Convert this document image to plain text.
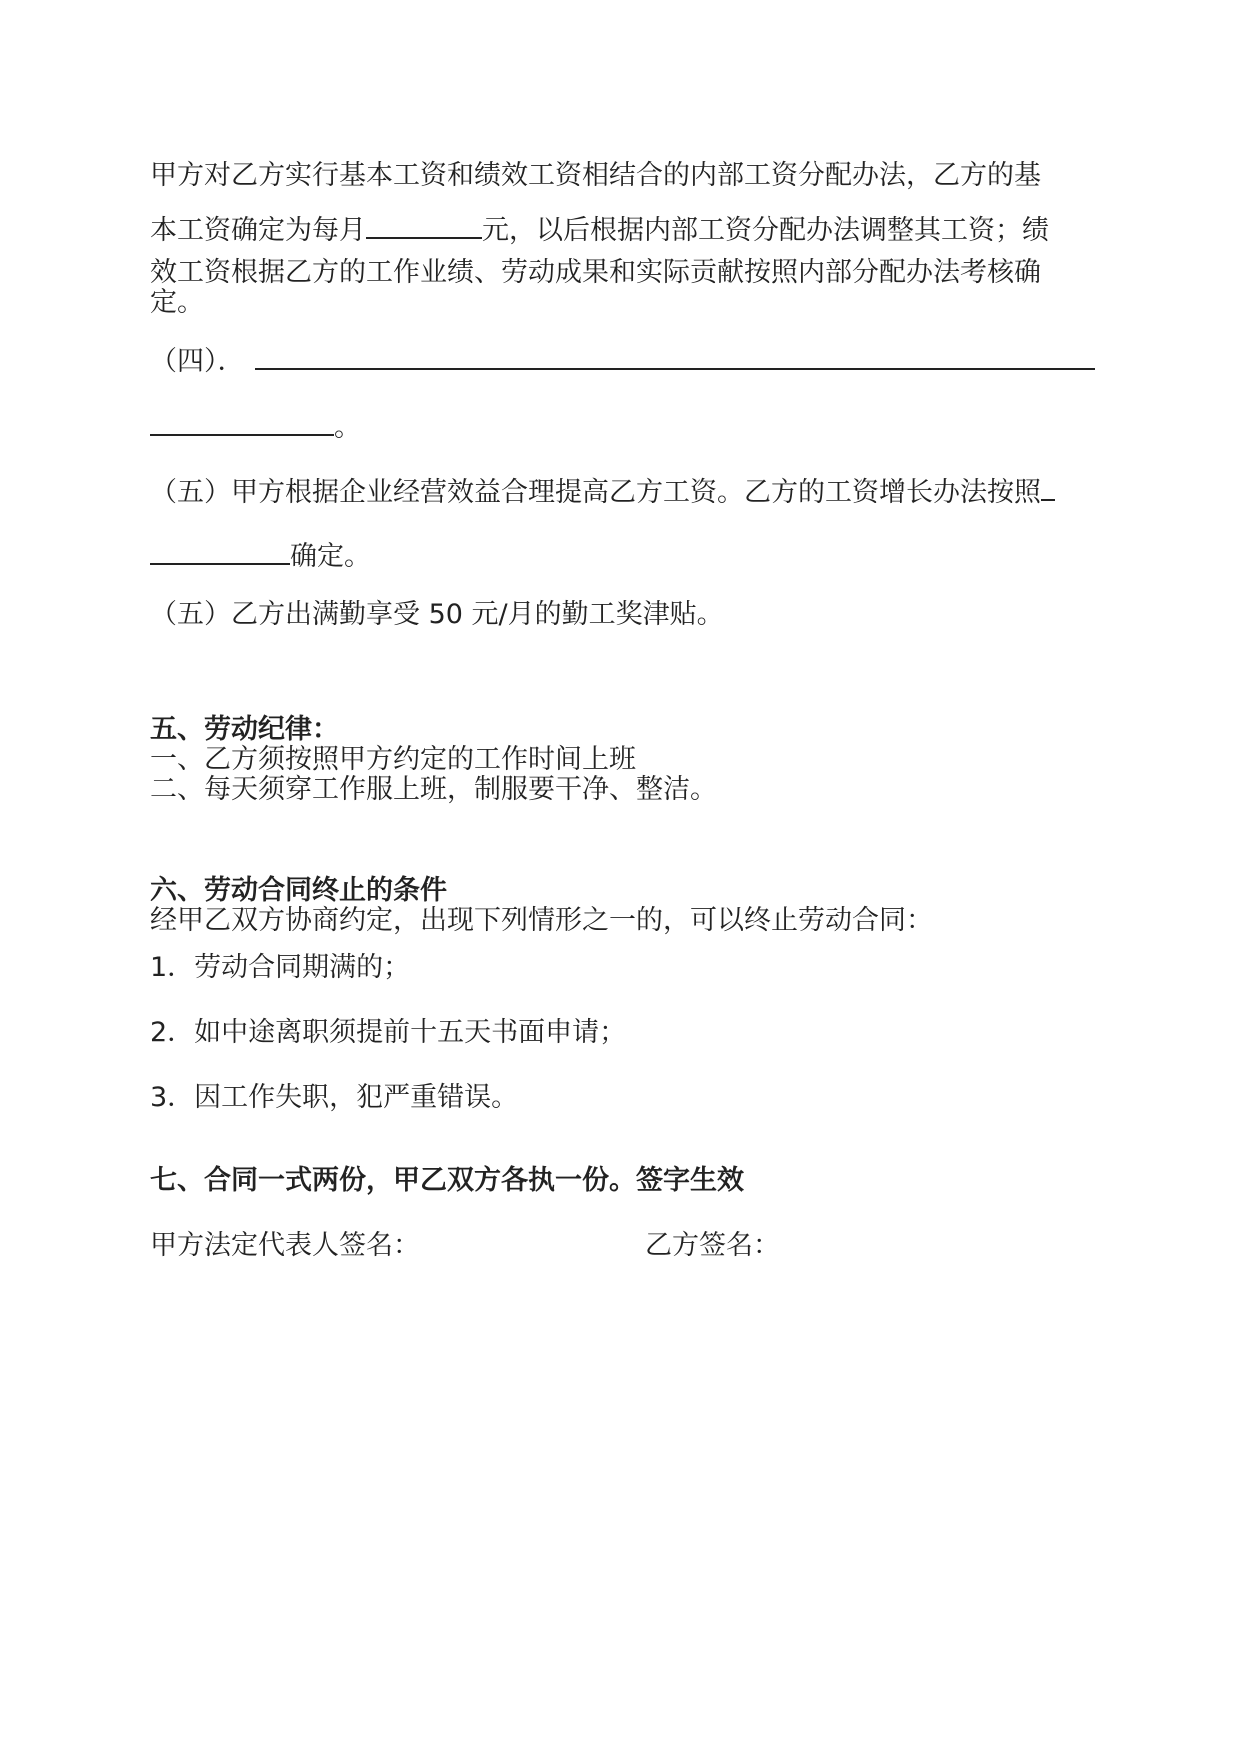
甲方对乙方实行基本工资和绩效工资相结合的内部工资分配办法，乙方的基
本工资确定为每月	元，以后根据内部工资分配办法调整其工资；绩
效工资根据乙方的工作业绩、劳动成果和实际贡献按照内部分配办法考核确
定。
（四）．
。
（五）甲方根据企业经营效益合理提高乙方工资。乙方的工资增长办法按照
确定。
（五）乙方出满勤享受 50 元/月的勤工奖津贴。
五、劳动纪律：
一、乙方须按照甲方约定的工作时间上班
二、每天须穿工作服上班，制服要干净、整洁。
六、劳动合同终止的条件
经甲乙双方协商约定，出现下列情形之一的，可以终止劳动合同：
1．劳动合同期满的；
2．如中途离职须提前十五天书面申请；
3．因工作失职，犯严重错误。
七、合同一式两份，甲乙双方各执一份。签字生效
甲方法定代表人签名：	乙方签名：
